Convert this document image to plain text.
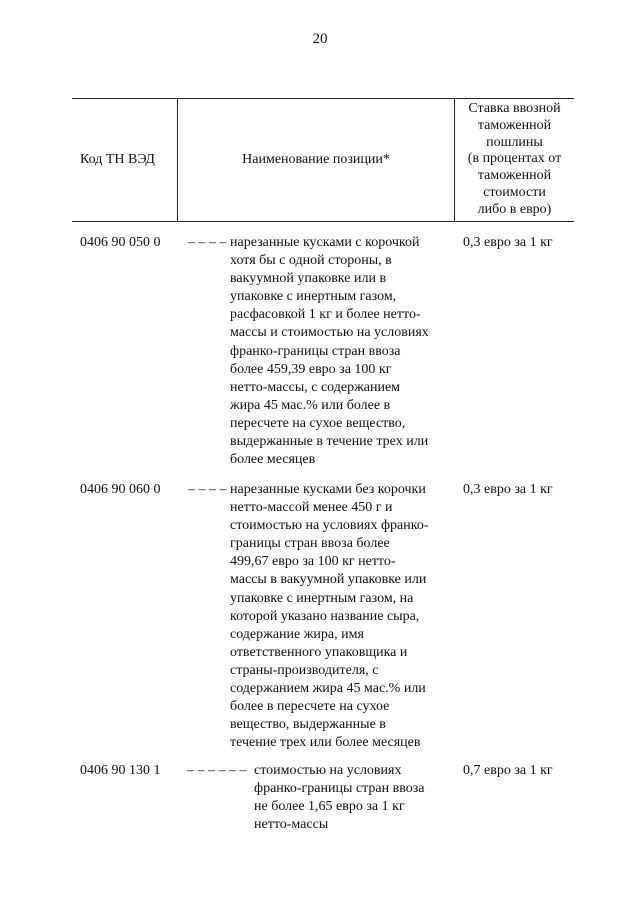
20
Код ТН ВЭД	Наименование позиции*
Ставка ввозной
таможенной
пошлины
(в процентах от
таможенной
стоимости
либо в евро)
0406 90 050 0 – – – – нарезанные кусками с корочкой
хотя бы с одной стороны, в
вакуумной упаковке или в
упаковке с инертным газом,
расфасовкой 1 кг и более нетто-
массы и стоимостью на условиях
франко-границы стран ввоза
более 459,39 евро за 100 кг
нетто-массы, с содержанием
жира 45 мас.% или более в
пересчете на сухое вещество,
выдержанные в течение трех или
более месяцев
0,3 евро за 1 кг
0406 90 060 0 – – – – нарезанные кусками без корочки
нетто-массой менее 450 г и
стоимостью на условиях франко-
границы стран ввоза более
499,67 евро за 100 кг нетто-
массы в вакуумной упаковке или
упаковке с инертным газом, на
которой указано название сыра,
содержание жира, имя
ответственного упаковщика и
страны-производителя, с
содержанием жира 45 мас.% или
более в пересчете на сухое
вещество, выдержанные в
течение трех или более месяцев
0,3 евро за 1 кг
0406 90 130 1 – – – – – – стоимостью на условиях
франко-границы стран ввоза
не более 1,65 евро за 1 кг
нетто-массы
0,7 евро за 1 кг
